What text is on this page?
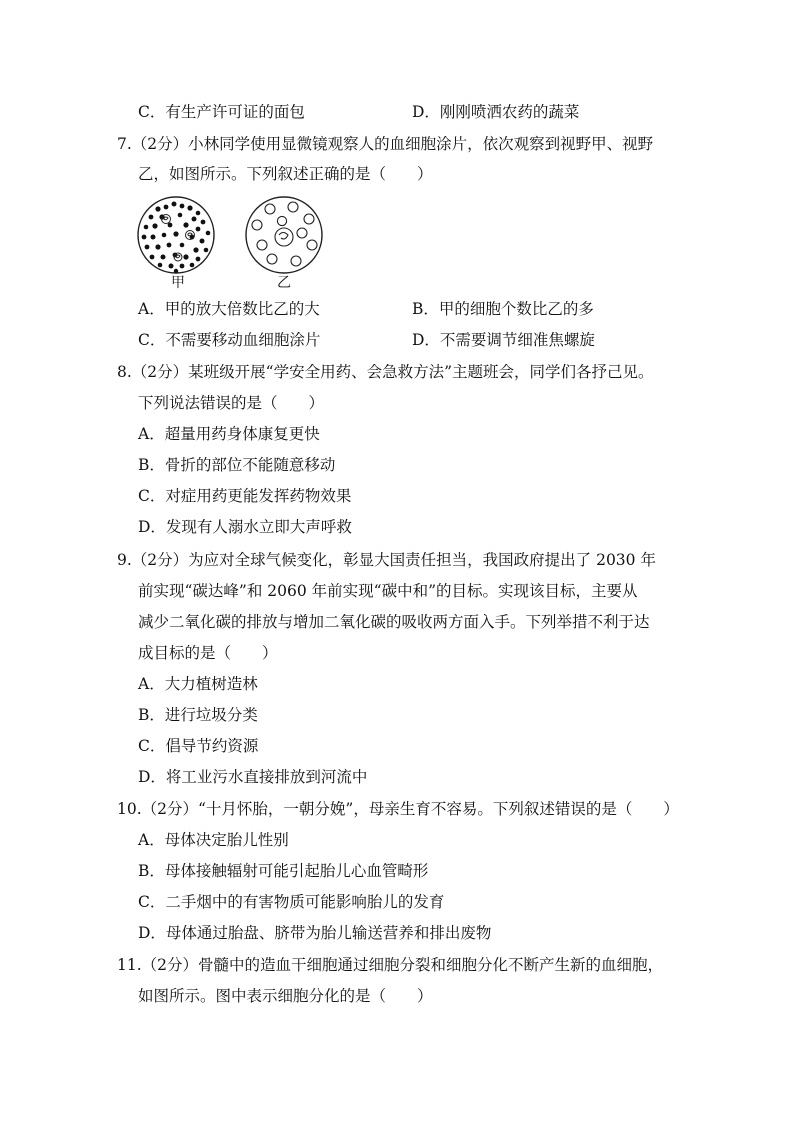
C．有生产许可证的面包	D．刚刚喷洒农药的蔬菜
7.（2分）小林同学使用显微镜观察人的血细胞涂片，依次观察到视野甲、视野
乙，如图所示。下列叙述正确的是（　　）
甲	乙
A．甲的放大倍数比乙的大	B．甲的细胞个数比乙的多
C．不需要移动血细胞涂片	D．不需要调节细准焦螺旋
8.（2分）某班级开展“学安全用药、会急救方法”主题班会，同学们各抒己见。
下列说法错误的是（　　）
A．超量用药身体康复更快
B．骨折的部位不能随意移动
C．对症用药更能发挥药物效果
D．发现有人溺水立即大声呼救
9.（2分）为应对全球气候变化，彰显大国责任担当，我国政府提出了 2030 年
前实现“碳达峰”和 2060 年前实现“碳中和”的目标。实现该目标，主要从
减少二氧化碳的排放与增加二氧化碳的吸收两方面入手。下列举措不利于达
成目标的是（　　）
A．大力植树造林
B．进行垃圾分类
C．倡导节约资源
D．将工业污水直接排放到河流中
10.（2分）“十月怀胎，一朝分娩”，母亲生育不容易。下列叙述错误的是（　　）
A．母体决定胎儿性别
B．母体接触辐射可能引起胎儿心血管畸形
C．二手烟中的有害物质可能影响胎儿的发育
D．母体通过胎盘、脐带为胎儿输送营养和排出废物
11.（2分）骨髓中的造血干细胞通过细胞分裂和细胞分化不断产生新的血细胞，
如图所示。图中表示细胞分化的是（　　）
